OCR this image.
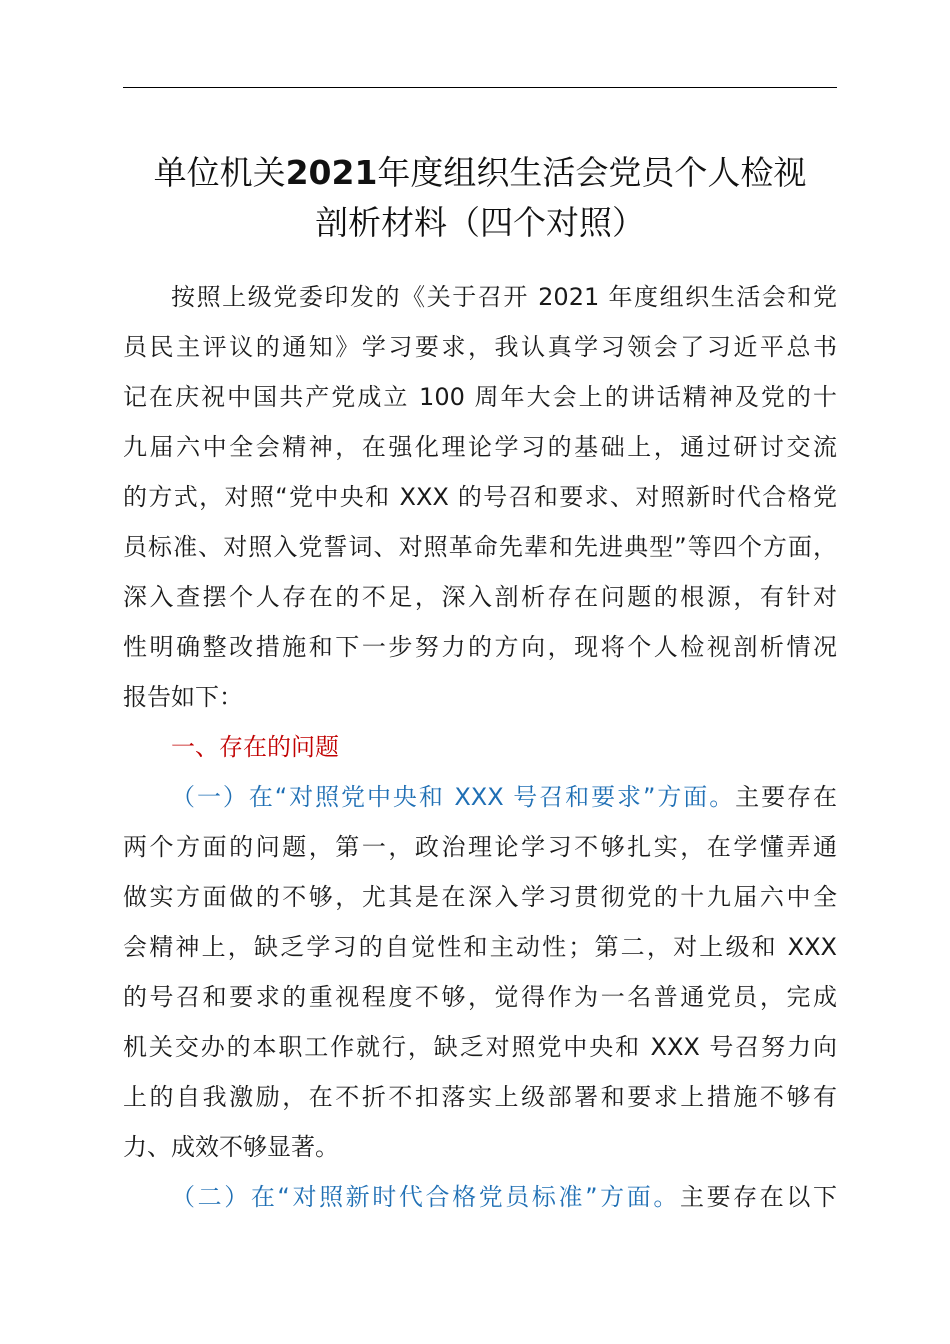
单位机关2021年度组织生活会党员个人检视
剖析材料（四个对照）
按照上级党委印发的《关于召开 2021 年度组织生活会和党
员民主评议的通知》学习要求，我认真学习领会了习近平总书
记在庆祝中国共产党成立 100 周年大会上的讲话精神及党的十
九届六中全会精神，在强化理论学习的基础上，通过研讨交流
的方式，对照“党中央和 XXX 的号召和要求、对照新时代合格党
员标准、对照入党誓词、对照革命先辈和先进典型”等四个方面，
深入查摆个人存在的不足，深入剖析存在问题的根源，有针对
性明确整改措施和下一步努力的方向，现将个人检视剖析情况
报告如下：
一、存在的问题
（一）在“对照党中央和 XXX 号召和要求”方面。主要存在
两个方面的问题，第一，政治理论学习不够扎实，在学懂弄通
做实方面做的不够，尤其是在深入学习贯彻党的十九届六中全
会精神上，缺乏学习的自觉性和主动性；第二，对上级和 XXX
的号召和要求的重视程度不够，觉得作为一名普通党员，完成
机关交办的本职工作就行，缺乏对照党中央和 XXX 号召努力向
上的自我激励，在不折不扣落实上级部署和要求上措施不够有
力、成效不够显著。
（二）在“对照新时代合格党员标准”方面。主要存在以下
